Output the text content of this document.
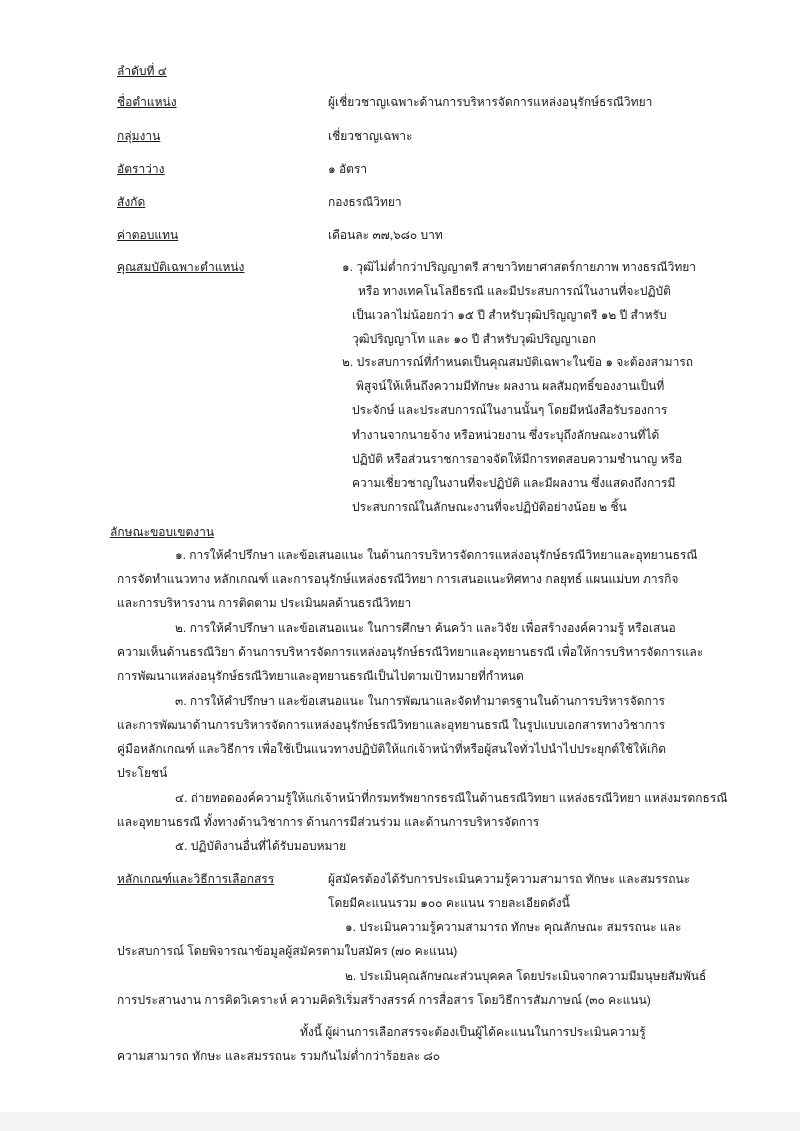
ลำดับที่ ๔
ชื่อตำแหน่ง	ผู้เชี่ยวชาญเฉพาะด้านการบริหารจัดการแหล่งอนุรักษ์ธรณีวิทยา
กลุ่มงาน	เชี่ยวชาญเฉพาะ
อัตราว่าง	๑ อัตรา
สังกัด	กองธรณีวิทยา
ค่าตอบแทน	เดือนละ ๓๗,๖๘๐ บาท
คุณสมบัติเฉพาะตำแหน่ง	๑. วุฒิไม่ต่ำกว่าปริญญาตรี สาขาวิทยาศาสตร์กายภาพ ทางธรณีวิทยา
หรือ ทางเทคโนโลยีธรณี และมีประสบการณ์ในงานที่จะปฏิบัติ
เป็นเวลาไม่น้อยกว่า ๑๕ ปี สำหรับวุฒิปริญญาตรี ๑๒ ปี สำหรับ
วุฒิปริญญาโท และ ๑๐ ปี สำหรับวุฒิปริญญาเอก
๒. ประสบการณ์ที่กำหนดเป็นคุณสมบัติเฉพาะในข้อ ๑ จะต้องสามารถ
พิสูจน์ให้เห็นถึงความมีทักษะ ผลงาน ผลสัมฤทธิ์ของงานเป็นที่
ประจักษ์ และประสบการณ์ในงานนั้นๆ โดยมีหนังสือรับรองการ
ทำงานจากนายจ้าง หรือหน่วยงาน ซึ่งระบุถึงลักษณะงานที่ได้
ปฏิบัติ หรือส่วนราชการอาจจัดให้มีการทดสอบความชำนาญ หรือ
ความเชี่ยวชาญในงานที่จะปฏิบัติ และมีผลงาน ซึ่งแสดงถึงการมี
ประสบการณ์ในลักษณะงานที่จะปฏิบัติอย่างน้อย ๒ ชิ้น
ลักษณะขอบเขตงาน
๑. การให้คำปรึกษา และข้อเสนอแนะ ในด้านการบริหารจัดการแหล่งอนุรักษ์ธรณีวิทยาและอุทยานธรณี
การจัดทำแนวทาง หลักเกณฑ์ และการอนุรักษ์แหล่งธรณีวิทยา การเสนอแนะทิศทาง กลยุทธ์ แผนแม่บท ภารกิจ
และการบริหารงาน การติดตาม ประเมินผลด้านธรณีวิทยา
๒. การให้คำปรึกษา และข้อเสนอแนะ ในการศึกษา ค้นคว้า และวิจัย เพื่อสร้างองค์ความรู้ หรือเสนอ
ความเห็นด้านธรณีวิยา ด้านการบริหารจัดการแหล่งอนุรักษ์ธรณีวิทยาและอุทยานธรณี เพื่อให้การบริหารจัดการและ
การพัฒนาแหล่งอนุรักษ์ธรณีวิทยาและอุทยานธรณีเป็นไปตามเป้าหมายที่กำหนด
๓. การให้คำปรึกษา และข้อเสนอแนะ ในการพัฒนาและจัดทำมาตรฐานในด้านการบริหารจัดการ
และการพัฒนาด้านการบริหารจัดการแหล่งอนุรักษ์ธรณีวิทยาและอุทยานธรณี ในรูปแบบเอกสารทางวิชาการ
คู่มือหลักเกณฑ์ และวิธีการ เพื่อใช้เป็นแนวทางปฏิบัติให้แก่เจ้าหน้าที่หรือผู้สนใจทั่วไปนำไปประยุกต์ใช้ให้เกิด
ประโยชน์
๔. ถ่ายทอดองค์ความรู้ให้แก่เจ้าหน้าที่กรมทรัพยากรธรณีในด้านธรณีวิทยา แหล่งธรณีวิทยา แหล่งมรดกธรณี
และอุทยานธรณี ทั้งทางด้านวิชาการ ด้านการมีส่วนร่วม และด้านการบริหารจัดการ
๕. ปฏิบัติงานอื่นที่ได้รับมอบหมาย
หลักเกณฑ์และวิธีการเลือกสรร	ผู้สมัครต้องได้รับการประเมินความรู้ความสามารถ ทักษะ และสมรรถนะ
โดยมีคะแนนรวม ๑๐๐ คะแนน รายละเอียดดังนี้
๑. ประเมินความรู้ความสามารถ ทักษะ คุณลักษณะ สมรรถนะ และ
ประสบการณ์ โดยพิจารณาข้อมูลผู้สมัครตามใบสมัคร (๗๐ คะแนน)
๒. ประเมินคุณลักษณะส่วนบุคคล โดยประเมินจากความมีมนุษยสัมพันธ์
การประสานงาน การคิดวิเคราะห์ ความคิดริเริ่มสร้างสรรค์ การสื่อสาร โดยวิธีการสัมภาษณ์ (๓๐ คะแนน)
ทั้งนี้ ผู้ผ่านการเลือกสรรจะต้องเป็นผู้ได้คะแนนในการประเมินความรู้
ความสามารถ ทักษะ และสมรรถนะ รวมกันไม่ต่ำกว่าร้อยละ ๘๐
